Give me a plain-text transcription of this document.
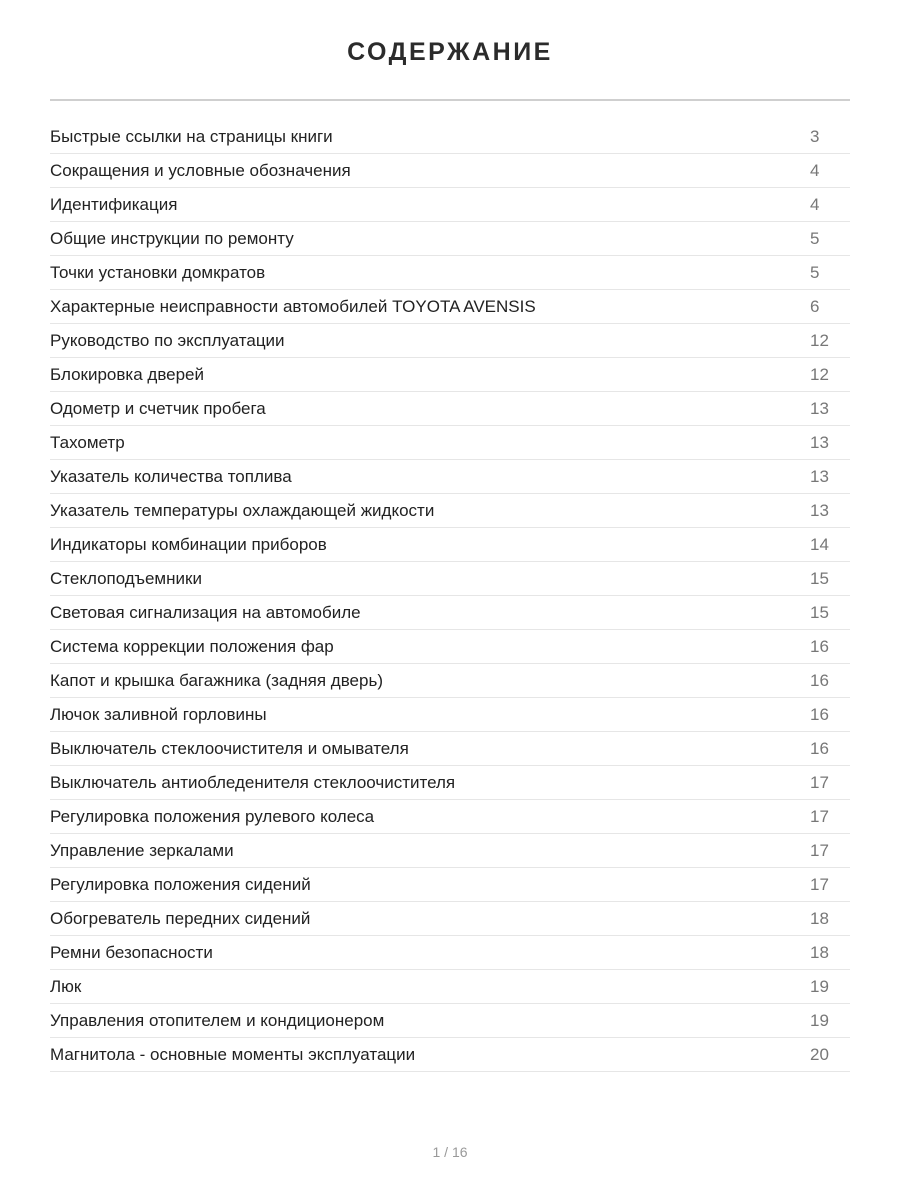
СОДЕРЖАНИЕ
Быстрые ссылки на страницы книги	3
Сокращения и условные обозначения	4
Идентификация	4
Общие инструкции по ремонту	5
Точки установки домкратов	5
Характерные неисправности автомобилей TOYOTA AVENSIS	6
Руководство по эксплуатации	12
Блокировка дверей	12
Одометр и счетчик пробега	13
Тахометр	13
Указатель количества топлива	13
Указатель температуры охлаждающей жидкости	13
Индикаторы комбинации приборов	14
Стеклоподъемники	15
Световая сигнализация на автомобиле	15
Система коррекции положения фар	16
Капот и крышка багажника (задняя дверь)	16
Лючок заливной горловины	16
Выключатель стеклоочистителя и омывателя	16
Выключатель антиобледенителя стеклоочистителя	17
Регулировка положения рулевого колеса	17
Управление зеркалами	17
Регулировка положения сидений	17
Обогреватель передних сидений	18
Ремни безопасности	18
Люк	19
Управления отопителем и кондиционером	19
Магнитола - основные моменты эксплуатации	20
1 / 16
